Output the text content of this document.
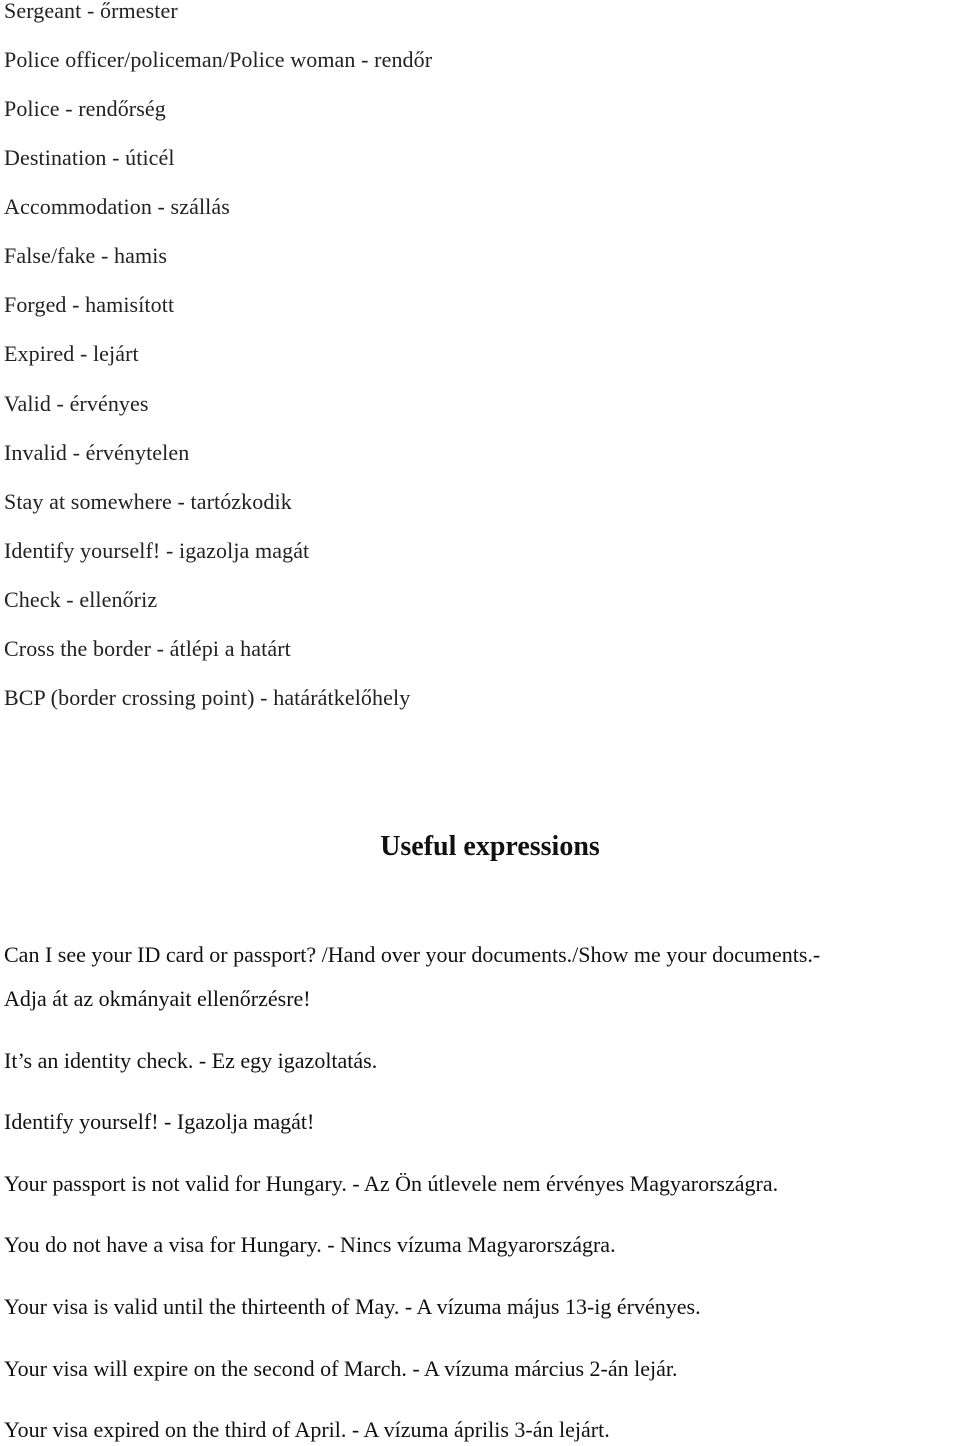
Sergeant - őrmester
Police officer/policeman/Police woman - rendőr
Police - rendőrség
Destination - úticél
Accommodation - szállás
False/fake - hamis
Forged - hamisított
Expired - lejárt
Valid - érvényes
Invalid - érvénytelen
Stay at somewhere - tartózkodik
Identify yourself! - igazolja magát
Check - ellenőriz
Cross the border - átlépi a határt
BCP (border crossing point) - határátkelőhely
Useful expressions
Can I see your ID card or passport? /Hand over your documents./Show me your documents.-
Adja át az okmányait ellenőrzésre!
It’s an identity check. - Ez egy igazoltatás.
Identify yourself! - Igazolja magát!
Your passport is not valid for Hungary. - Az Ön útlevele nem érvényes Magyarországra.
You do not have a visa for Hungary. - Nincs vízuma Magyarországra.
Your visa is valid until the thirteenth of May. - A vízuma május 13-ig érvényes.
Your visa will expire on the second of March. - A vízuma március 2-án lejár.
Your visa expired on the third of April. - A vízuma április 3-án lejárt.
